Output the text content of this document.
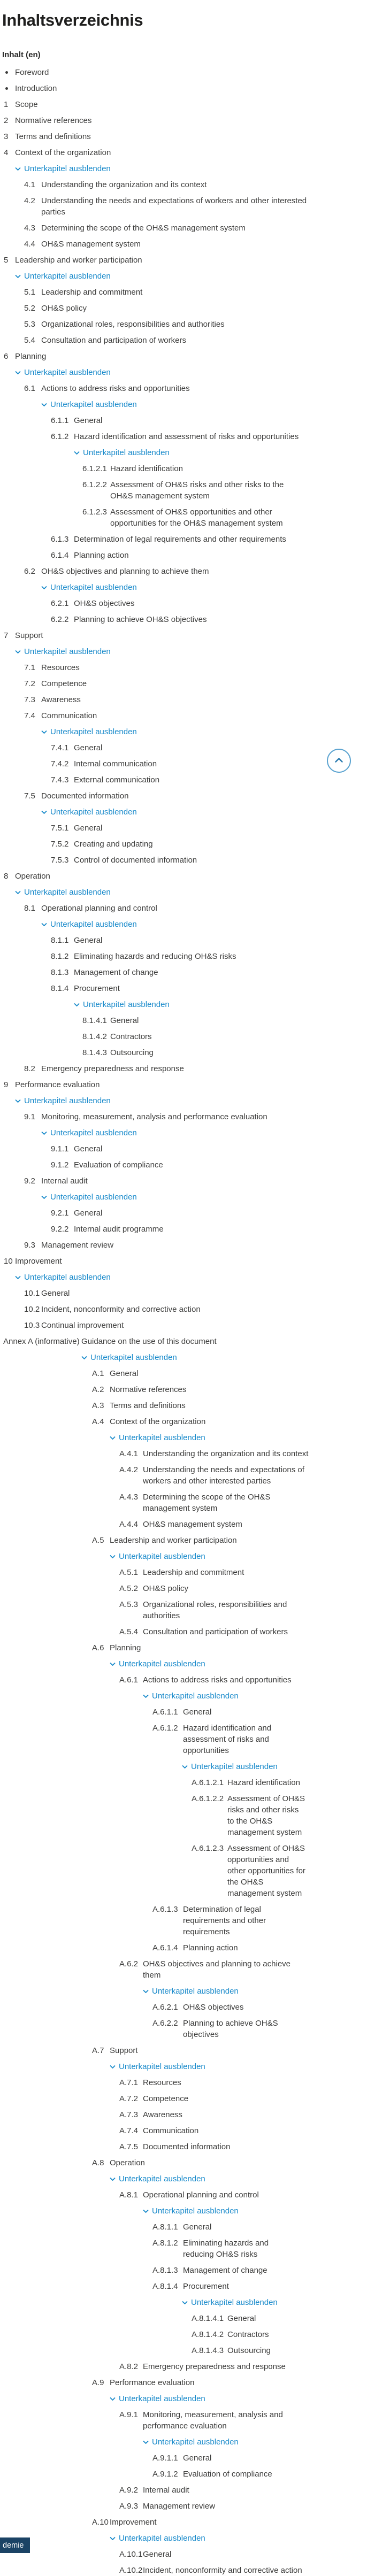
Inhaltsverzeichnis
Inhalt (en)
Foreword
Introduction
1 Scope
2 Normative references
3 Terms and definitions
4 Context of the organization
Unterkapitel ausblenden
4.1 Understanding the organization and its context
4.2 Understanding the needs and expectations of workers and other interested parties
4.3 Determining the scope of the OH&S management system
4.4 OH&S management system
5 Leadership and worker participation
Unterkapitel ausblenden
5.1 Leadership and commitment
5.2 OH&S policy
5.3 Organizational roles, responsibilities and authorities
5.4 Consultation and participation of workers
6 Planning
Unterkapitel ausblenden
6.1 Actions to address risks and opportunities
Unterkapitel ausblenden
6.1.1 General
6.1.2 Hazard identification and assessment of risks and opportunities
Unterkapitel ausblenden
6.1.2.1 Hazard identification
6.1.2.2 Assessment of OH&S risks and other risks to the OH&S management system
6.1.2.3 Assessment of OH&S opportunities and other opportunities for the OH&S management system
6.1.3 Determination of legal requirements and other requirements
6.1.4 Planning action
6.2 OH&S objectives and planning to achieve them
Unterkapitel ausblenden
6.2.1 OH&S objectives
6.2.2 Planning to achieve OH&S objectives
7 Support
Unterkapitel ausblenden
7.1 Resources
7.2 Competence
7.3 Awareness
7.4 Communication
Unterkapitel ausblenden
7.4.1 General
7.4.2 Internal communication
7.4.3 External communication
7.5 Documented information
Unterkapitel ausblenden
7.5.1 General
7.5.2 Creating and updating
7.5.3 Control of documented information
8 Operation
Unterkapitel ausblenden
8.1 Operational planning and control
Unterkapitel ausblenden
8.1.1 General
8.1.2 Eliminating hazards and reducing OH&S risks
8.1.3 Management of change
8.1.4 Procurement
Unterkapitel ausblenden
8.1.4.1 General
8.1.4.2 Contractors
8.1.4.3 Outsourcing
8.2 Emergency preparedness and response
9 Performance evaluation
Unterkapitel ausblenden
9.1 Monitoring, measurement, analysis and performance evaluation
Unterkapitel ausblenden
9.1.1 General
9.1.2 Evaluation of compliance
9.2 Internal audit
Unterkapitel ausblenden
9.2.1 General
9.2.2 Internal audit programme
9.3 Management review
10 Improvement
Unterkapitel ausblenden
10.1 General
10.2 Incident, nonconformity and corrective action
10.3 Continual improvement
Annex A (informative) Guidance on the use of this document
Unterkapitel ausblenden
A.1 General
A.2 Normative references
A.3 Terms and definitions
A.4 Context of the organization
Unterkapitel ausblenden
A.4.1 Understanding the organization and its context
A.4.2 Understanding the needs and expectations of workers and other interested parties
A.4.3 Determining the scope of the OH&S management system
A.4.4 OH&S management system
A.5 Leadership and worker participation
Unterkapitel ausblenden
A.5.1 Leadership and commitment
A.5.2 OH&S policy
A.5.3 Organizational roles, responsibilities and authorities
A.5.4 Consultation and participation of workers
A.6 Planning
Unterkapitel ausblenden
A.6.1 Actions to address risks and opportunities
Unterkapitel ausblenden
A.6.1.1 General
A.6.1.2 Hazard identification and assessment of risks and opportunities
Unterkapitel ausblenden
A.6.1.2.1 Hazard identification
A.6.1.2.2 Assessment of OH&S risks and other risks to the OH&S management system
A.6.1.2.3 Assessment of OH&S opportunities and other opportunities for the OH&S management system
A.6.1.3 Determination of legal requirements and other requirements
A.6.1.4 Planning action
A.6.2 OH&S objectives and planning to achieve them
Unterkapitel ausblenden
A.6.2.1 OH&S objectives
A.6.2.2 Planning to achieve OH&S objectives
A.7 Support
Unterkapitel ausblenden
A.7.1 Resources
A.7.2 Competence
A.7.3 Awareness
A.7.4 Communication
A.7.5 Documented information
A.8 Operation
Unterkapitel ausblenden
A.8.1 Operational planning and control
Unterkapitel ausblenden
A.8.1.1 General
A.8.1.2 Eliminating hazards and reducing OH&S risks
A.8.1.3 Management of change
A.8.1.4 Procurement
Unterkapitel ausblenden
A.8.1.4.1 General
A.8.1.4.2 Contractors
A.8.1.4.3 Outsourcing
A.8.2 Emergency preparedness and response
A.9 Performance evaluation
Unterkapitel ausblenden
A.9.1 Monitoring, measurement, analysis and performance evaluation
Unterkapitel ausblenden
A.9.1.1 General
A.9.1.2 Evaluation of compliance
A.9.2 Internal audit
A.9.3 Management review
A.10 Improvement
Unterkapitel ausblenden
A.10.1 General
A.10.2 Incident, nonconformity and corrective action
demie
